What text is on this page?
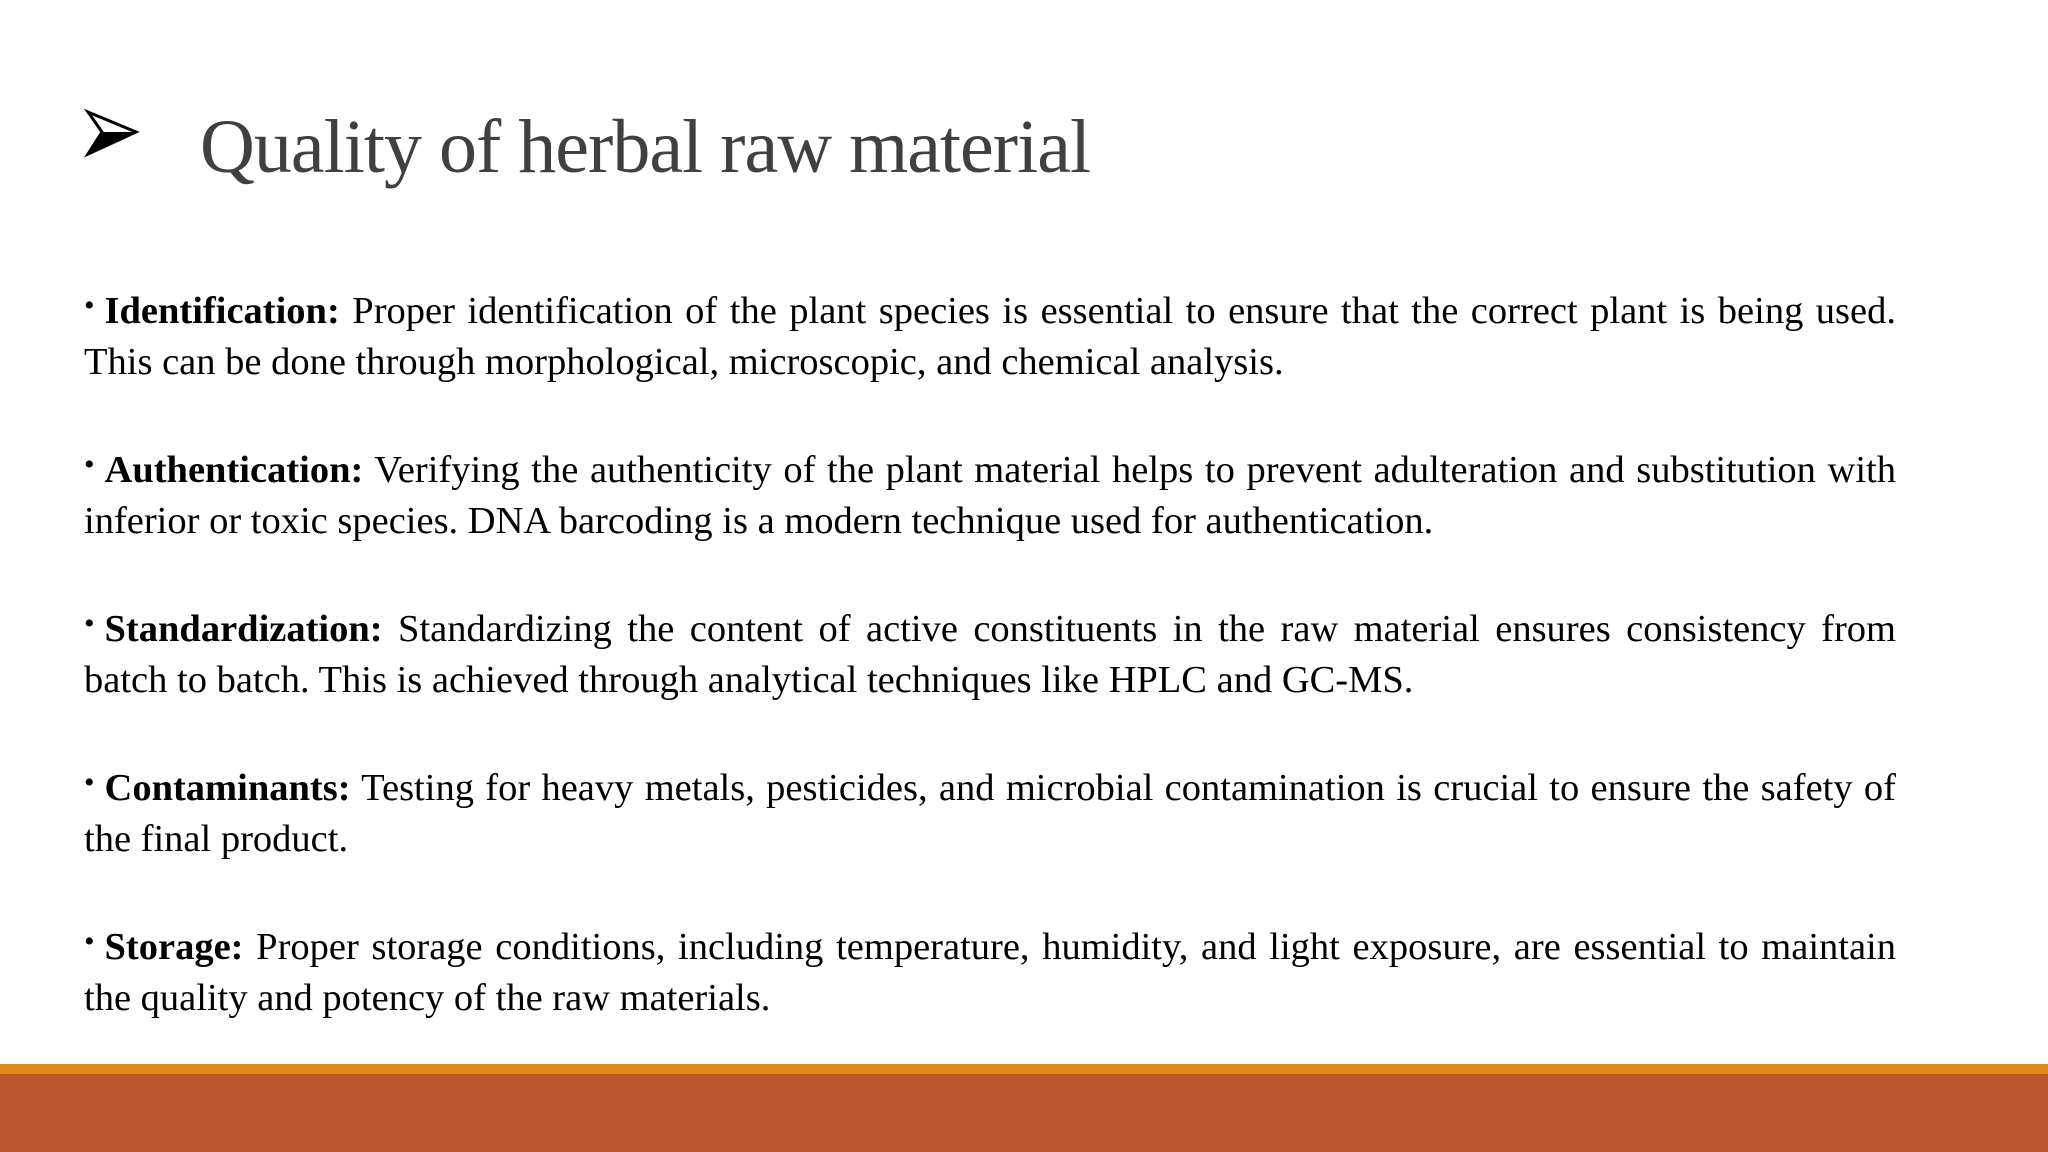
Quality of herbal raw material

• Identification: Proper identification of the plant species is essential to ensure that the correct plant is being used. This can be done through morphological, microscopic, and chemical analysis.

• Authentication: Verifying the authenticity of the plant material helps to prevent adulteration and substitution with inferior or toxic species. DNA barcoding is a modern technique used for authentication.

• Standardization: Standardizing the content of active constituents in the raw material ensures consistency from batch to batch. This is achieved through analytical techniques like HPLC and GC-MS.

• Contaminants: Testing for heavy metals, pesticides, and microbial contamination is crucial to ensure the safety of the final product.

• Storage: Proper storage conditions, including temperature, humidity, and light exposure, are essential to maintain the quality and potency of the raw materials.
